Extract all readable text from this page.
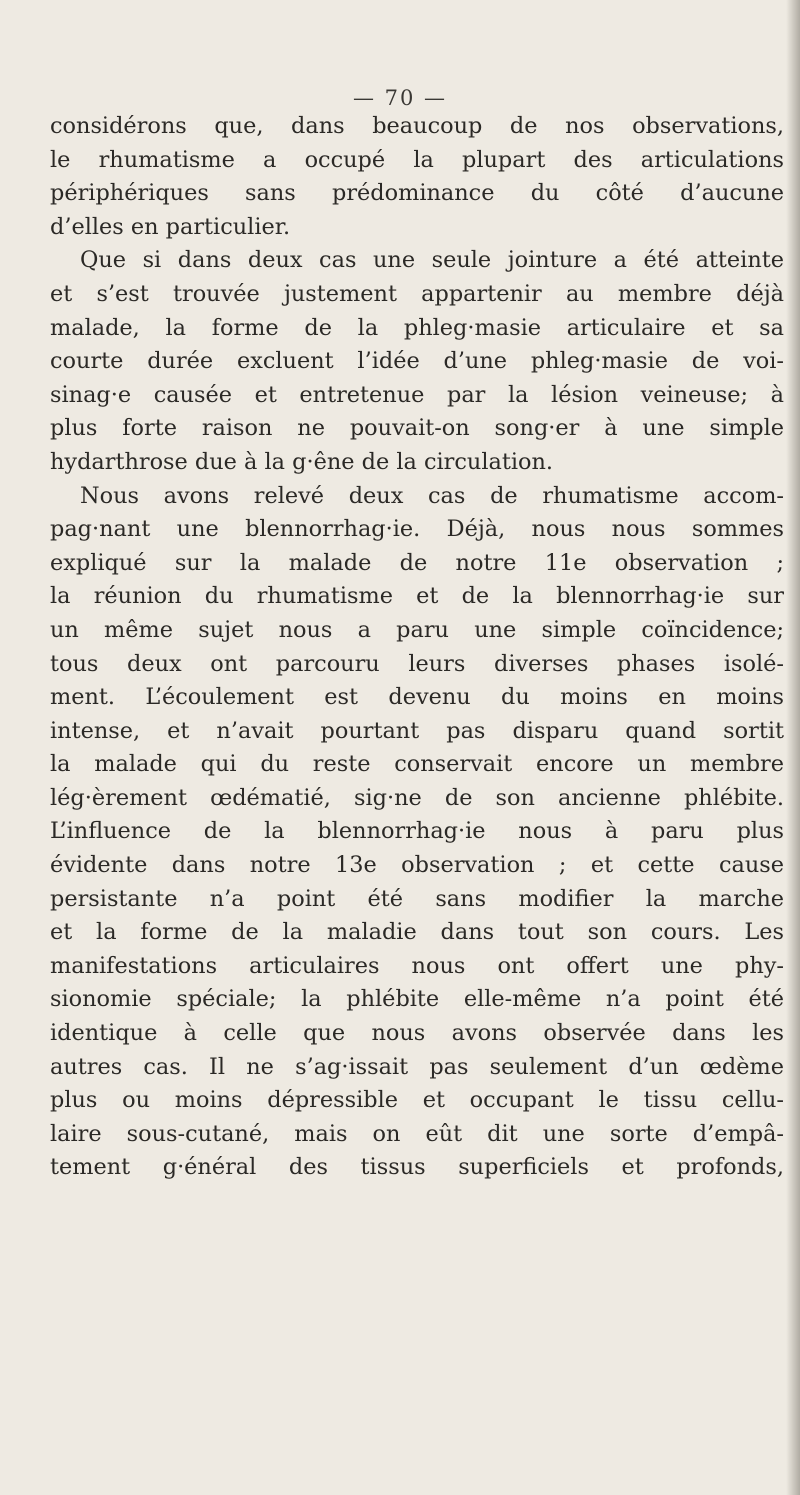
— 70 —
considérons que, dans beaucoup de nos observations,
le rhumatisme a occupé la plupart des articulations
périphériques sans prédominance du côté d’aucune
d’elles en particulier.
Que si dans deux cas une seule jointure a été atteinte
et s’est trouvée justement appartenir au membre déjà
malade, la forme de la phleg·masie articulaire et sa
courte durée excluent l’idée d’une phleg·masie de voi-
sinag·e causée et entretenue par la lésion veineuse; à
plus forte raison ne pouvait-on song·er à une simple
hydarthrose due à la g·êne de la circulation.
Nous avons relevé deux cas de rhumatisme accom-
pag·nant une blennorrhag·ie. Déjà, nous nous sommes
expliqué sur la malade de notre 11e observation ;
la réunion du rhumatisme et de la blennorrhag·ie sur
un même sujet nous a paru une simple coïncidence;
tous deux ont parcouru leurs diverses phases isolé-
ment. L’écoulement est devenu du moins en moins
intense, et n’avait pourtant pas disparu quand sortit
la malade qui du reste conservait encore un membre
lég·èrement œdématié, sig·ne de son ancienne phlébite.
L’influence de la blennorrhag·ie nous à paru plus
évidente dans notre 13e observation ; et cette cause
persistante n’a point été sans modifier la marche
et la forme de la maladie dans tout son cours. Les
manifestations articulaires nous ont offert une phy-
sionomie spéciale; la phlébite elle-même n’a point été
identique à celle que nous avons observée dans les
autres cas. Il ne s’ag·issait pas seulement d’un œdème
plus ou moins dépressible et occupant le tissu cellu-
laire sous-cutané, mais on eût dit une sorte d’empâ-
tement g·énéral des tissus superficiels et profonds,
